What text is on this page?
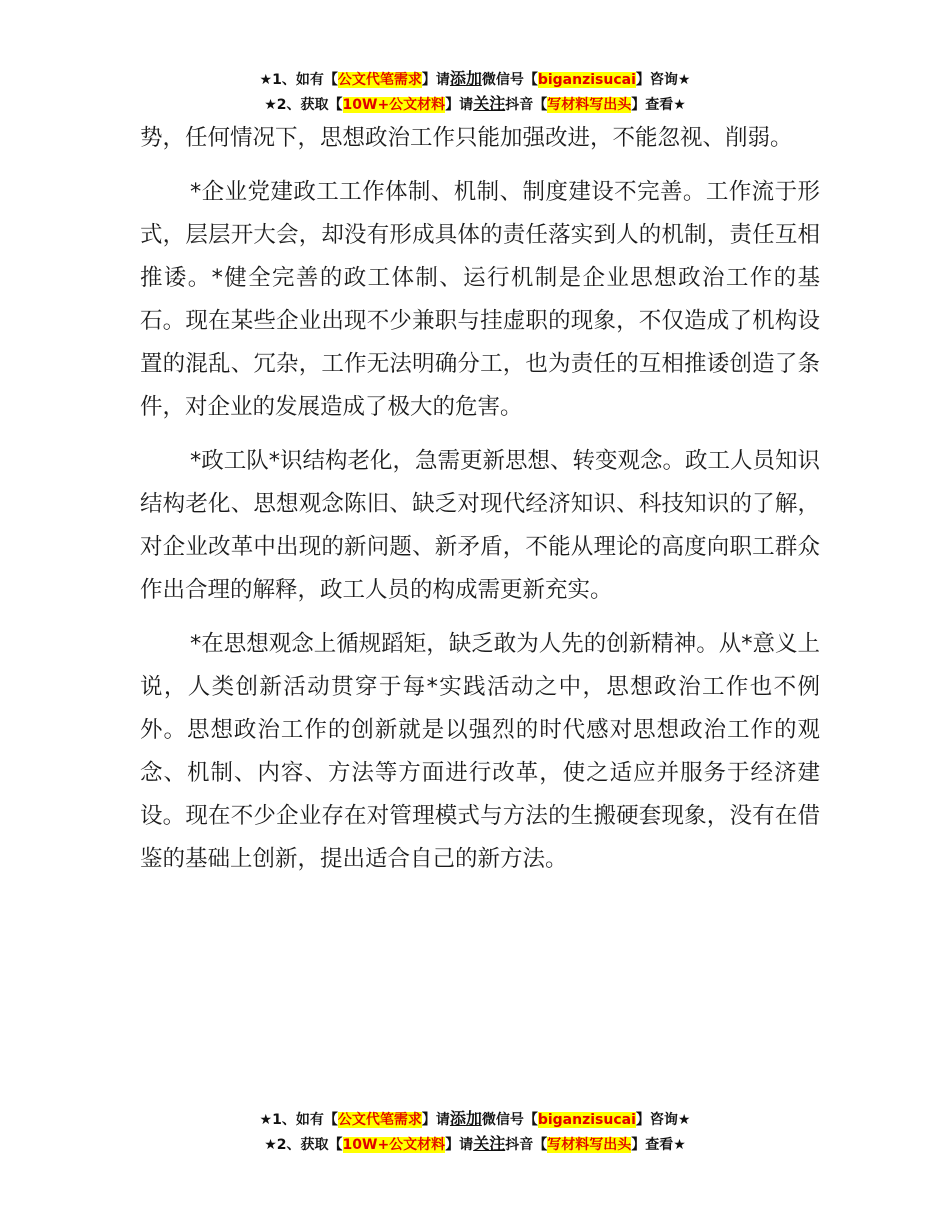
★1、如有【公文代笔需求】请添加微信号【biganzisucai】咨询★
★2、获取【10W+公文材料】请关注抖音【写材料写出头】查看★

势，任何情况下，思想政治工作只能加强改进，不能忽视、削弱。

*企业党建政工工作体制、机制、制度建设不完善。工作流于形式，层层开大会，却没有形成具体的责任落实到人的机制，责任互相推诿。*健全完善的政工体制、运行机制是企业思想政治工作的基石。现在某些企业出现不少兼职与挂虚职的现象，不仅造成了机构设置的混乱、冗杂，工作无法明确分工，也为责任的互相推诿创造了条件，对企业的发展造成了极大的危害。

*政工队*识结构老化，急需更新思想、转变观念。政工人员知识结构老化、思想观念陈旧、缺乏对现代经济知识、科技知识的了解，对企业改革中出现的新问题、新矛盾，不能从理论的高度向职工群众作出合理的解释，政工人员的构成需更新充实。

*在思想观念上循规蹈矩，缺乏敢为人先的创新精神。从*意义上说，人类创新活动贯穿于每*实践活动之中，思想政治工作也不例外。思想政治工作的创新就是以强烈的时代感对思想政治工作的观念、机制、内容、方法等方面进行改革，使之适应并服务于经济建设。现在不少企业存在对管理模式与方法的生搬硬套现象，没有在借鉴的基础上创新，提出适合自己的新方法。

★1、如有【公文代笔需求】请添加微信号【biganzisucai】咨询★
★2、获取【10W+公文材料】请关注抖音【写材料写出头】查看★
